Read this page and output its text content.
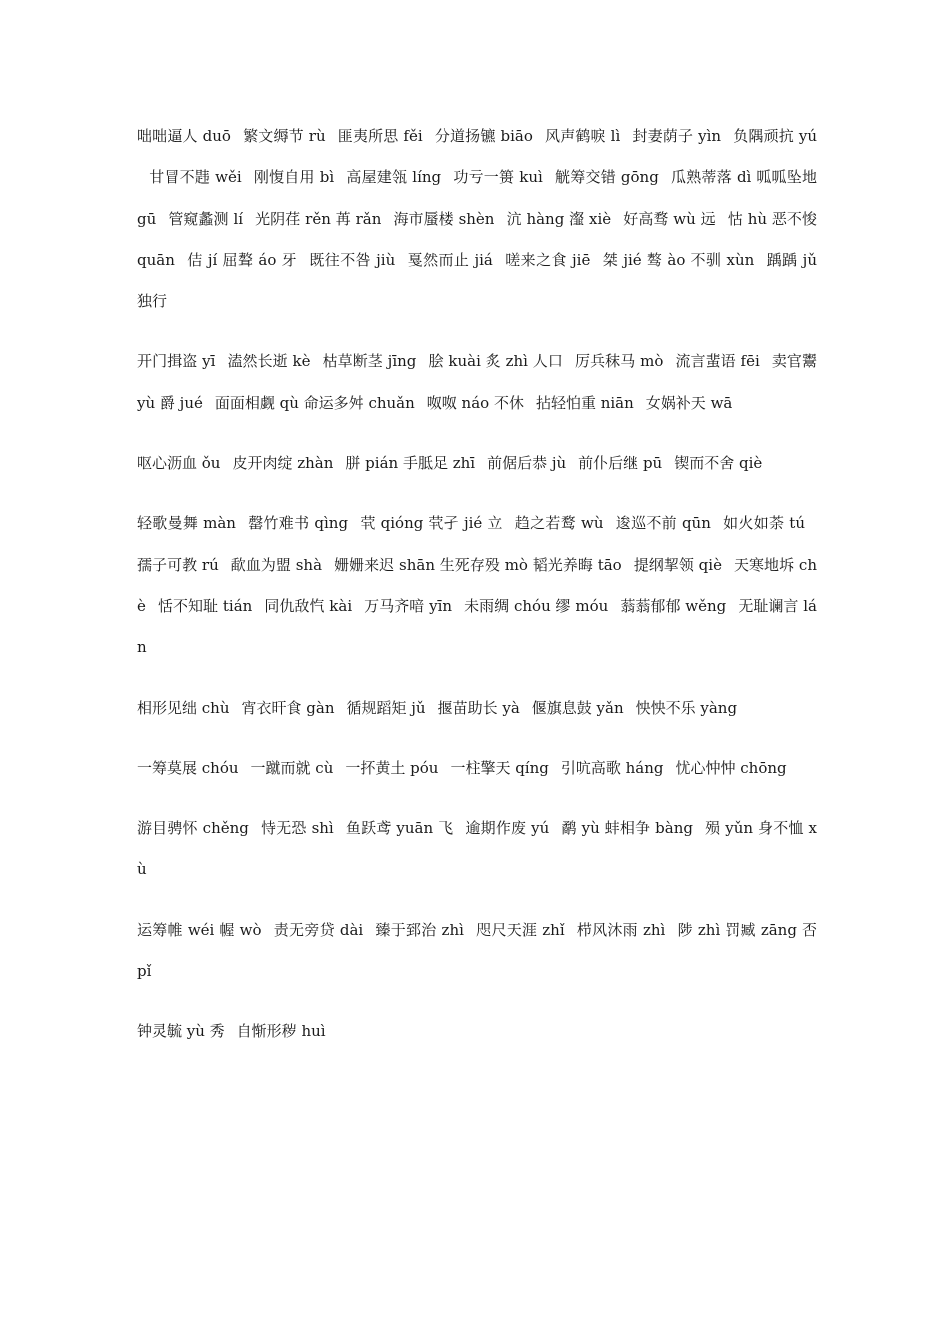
咄咄逼人 duō 繁文缛节 rù 匪夷所思 fěi 分道扬镳 biāo 风声鹤唳 lì 封妻荫子 yìn 负隅顽抗 yú甘冒不韪 wěi 刚愎自用 bì 高屋建瓴 líng 功亏一篑 kuì 觥筹交错 gōng 瓜熟蒂落 dì 呱呱坠地 gū 管窥蠡测 lí 光阴荏 rěn 苒 rǎn 海市蜃楼 shèn 沆 hàng 瀣 xiè 好高骛 wù 远 怙 hù 恶不悛 quān 佶 jí 屈聱 áo 牙 既往不咎 jiù 戛然而止 jiá 嗟来之食 jiē 桀 jié 骜 ào 不驯 xùn 踽踽 jǔ 独行

开门揖盗 yī 溘然长逝 kè 枯草断茎 jīng 脍 kuài 炙 zhì 人口 厉兵秣马 mò 流言蜚语 fēi 卖官鬻 yù 爵 jué 面面相觑 qù 命运多舛 chuǎn 呶呶 náo 不休 拈轻怕重 niān 女娲补天 wā

呕心沥血 ǒu 皮开肉绽 zhàn 胼 pián 手胝足 zhī 前倨后恭 jù 前仆后继 pū 锲而不舍 qiè

轻歌曼舞 màn 罄竹难书 qìng 茕 qióng 茕孑 jié 立 趋之若鹜 wù 逡巡不前 qūn 如火如荼 tú孺子可教 rú 歃血为盟 shà 姗姗来迟 shān 生死存殁 mò 韬光养晦 tāo 提纲挈领 qiè 天寒地坼 chè 恬不知耻 tián 同仇敌忾 kài 万马齐喑 yīn 未雨绸 chóu 缪 móu 蓊蓊郁郁 wěng 无耻谰言 lán

相形见绌 chù 宵衣旰食 gàn 循规蹈矩 jǔ 揠苗助长 yà 偃旗息鼓 yǎn 怏怏不乐 yàng

一筹莫展 chóu 一蹴而就 cù 一抔黄土 póu 一柱擎天 qíng 引吭高歌 háng 忧心忡忡 chōng

游目骋怀 chěng 恃无恐 shì 鱼跃鸢 yuān 飞 逾期作废 yú 鹬 yù 蚌相争 bàng 殒 yǔn 身不恤 xù

运筹帷 wéi 幄 wò 责无旁贷 dài 臻于郅治 zhì 咫尺天涯 zhǐ 栉风沐雨 zhì 陟 zhì 罚臧 zāng 否 pǐ

钟灵毓 yù 秀 自惭形秽 huì
